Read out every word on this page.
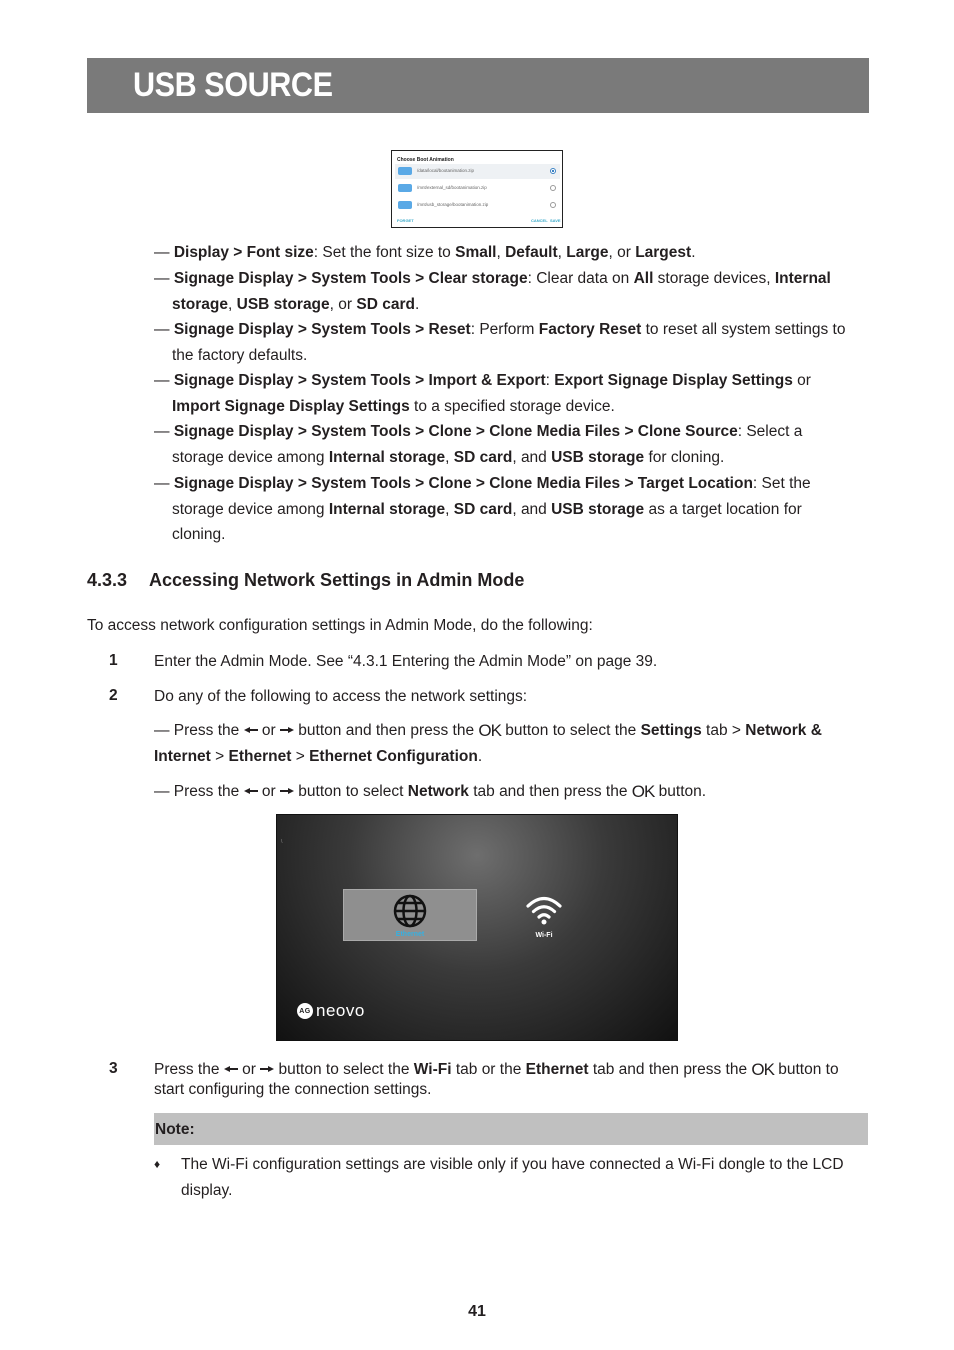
USB SOURCE
Choose Boot Animation
/data/local/bootanimation.zip
/mnt/external_sd/bootanimation.zip
/mnt/usb_storage/bootanimation.zip
FORGET	CANCEL SAVE
— Display > Font size: Set the font size to Small, Default, Large, or Largest.
— Signage Display > System Tools > Clear storage: Clear data on All storage devices, Internal
storage, USB storage, or SD card.
— Signage Display > System Tools > Reset: Perform Factory Reset to reset all system settings to
the factory defaults.
— Signage Display > System Tools > Import & Export: Export Signage Display Settings or
Import Signage Display Settings to a specified storage device.
— Signage Display > System Tools > Clone > Clone Media Files > Clone Source: Select a
storage device among Internal storage, SD card, and USB storage for cloning.
— Signage Display > System Tools > Clone > Clone Media Files > Target Location: Set the
storage device among Internal storage, SD card, and USB storage as a target location for
cloning.
4.3.3 Accessing Network Settings in Admin Mode
To access network configuration settings in Admin Mode, do the following:
1 Enter the Admin Mode. See “4.3.1 Entering the Admin Mode” on page 39.
2 Do any of the following to access the network settings:
— Press the  or  button and then press the OK button to select the Settings tab > Network &
Internet > Ethernet > Ethernet Configuration.
— Press the  or  button to select Network tab and then press the OK button.
\
Ethernet	Wi-Fi
AG neovo
3 Press the  or  button to select the Wi-Fi tab or the Ethernet tab and then press the OK button to
start configuring the connection settings.
Note:
♦	The Wi-Fi configuration settings are visible only if you have connected a Wi-Fi dongle to the LCD
display.
41
